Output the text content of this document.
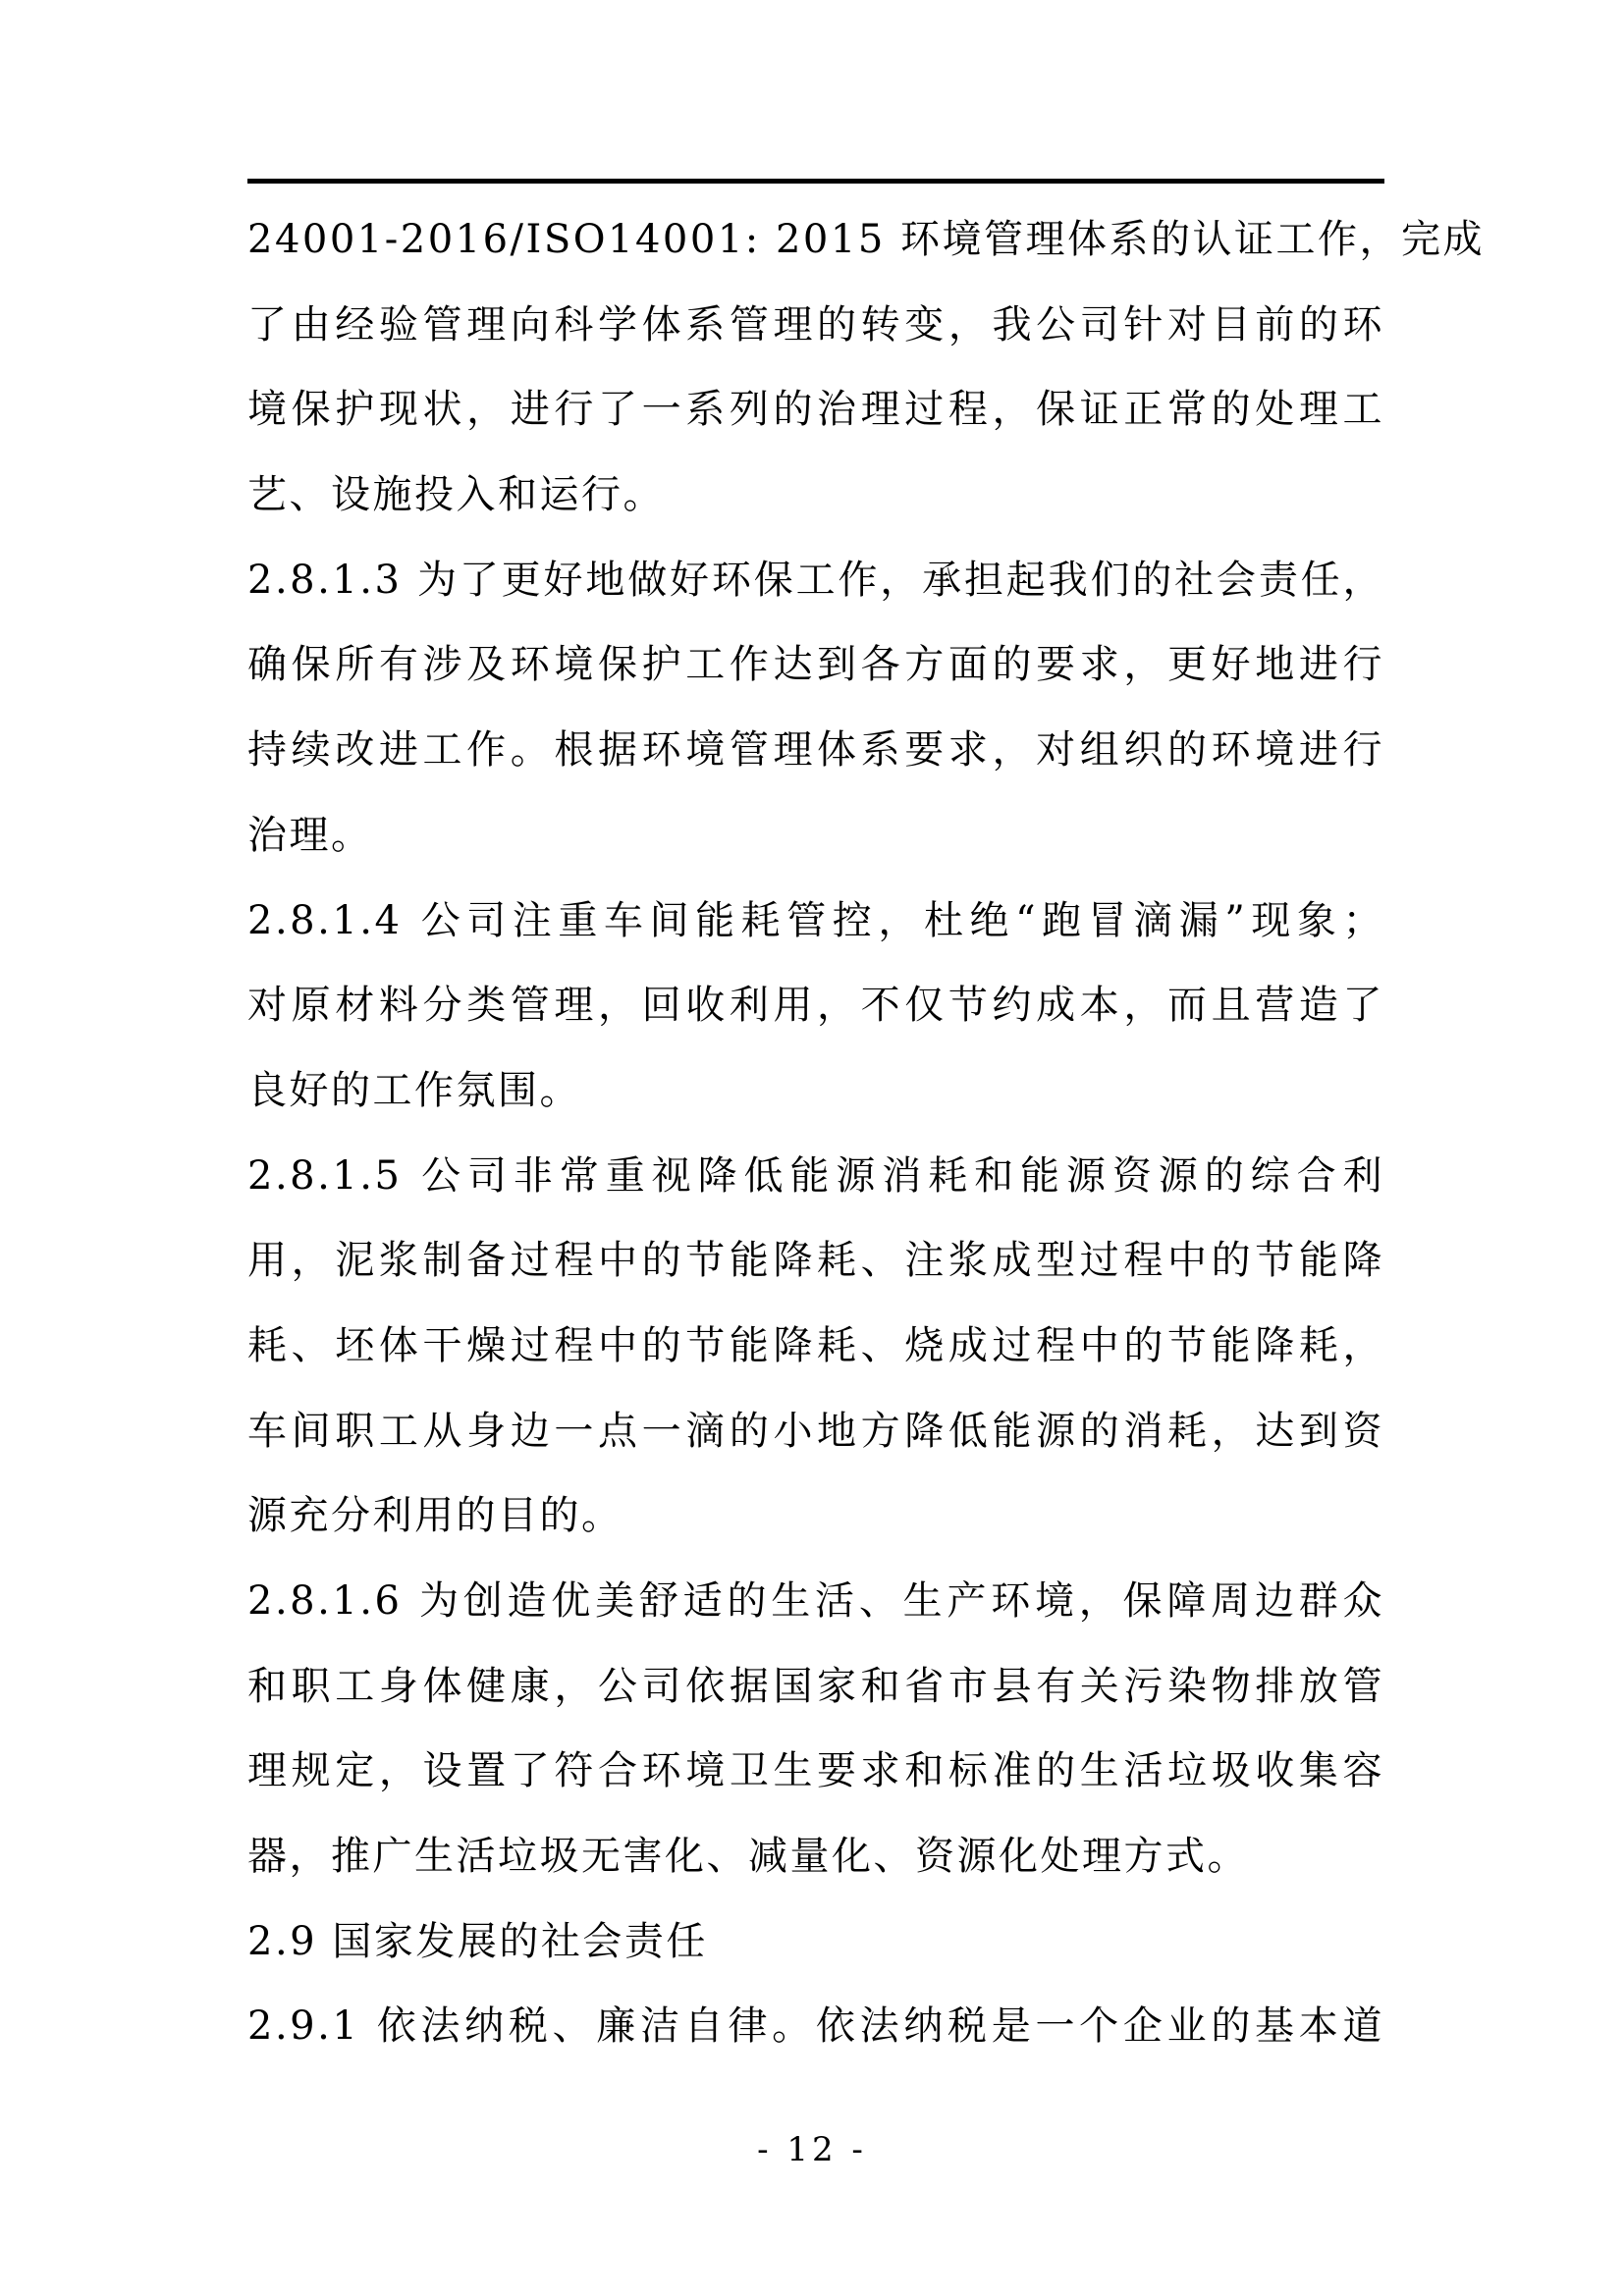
24001-2016/ISO14001: 2015 环境管理体系的认证工作，完成
了由经验管理向科学体系管理的转变，我公司针对目前的环
境保护现状，进行了一系列的治理过程，保证正常的处理工
艺、设施投入和运行。
2.8.1.3 为了更好地做好环保工作，承担起我们的社会责任，
确保所有涉及环境保护工作达到各方面的要求，更好地进行
持续改进工作。根据环境管理体系要求，对组织的环境进行
治理。
2.8.1.4 公司注重车间能耗管控，杜绝“跑冒滴漏”现象；
对原材料分类管理，回收利用，不仅节约成本，而且营造了
良好的工作氛围。
2.8.1.5 公司非常重视降低能源消耗和能源资源的综合利
用，泥浆制备过程中的节能降耗、注浆成型过程中的节能降
耗、坯体干燥过程中的节能降耗、烧成过程中的节能降耗，
车间职工从身边一点一滴的小地方降低能源的消耗，达到资
源充分利用的目的。
2.8.1.6 为创造优美舒适的生活、生产环境，保障周边群众
和职工身体健康，公司依据国家和省市县有关污染物排放管
理规定，设置了符合环境卫生要求和标准的生活垃圾收集容
器，推广生活垃圾无害化、减量化、资源化处理方式。
2.9 国家发展的社会责任
2.9.1 依法纳税、廉洁自律。依法纳税是一个企业的基本道
- 12 -
